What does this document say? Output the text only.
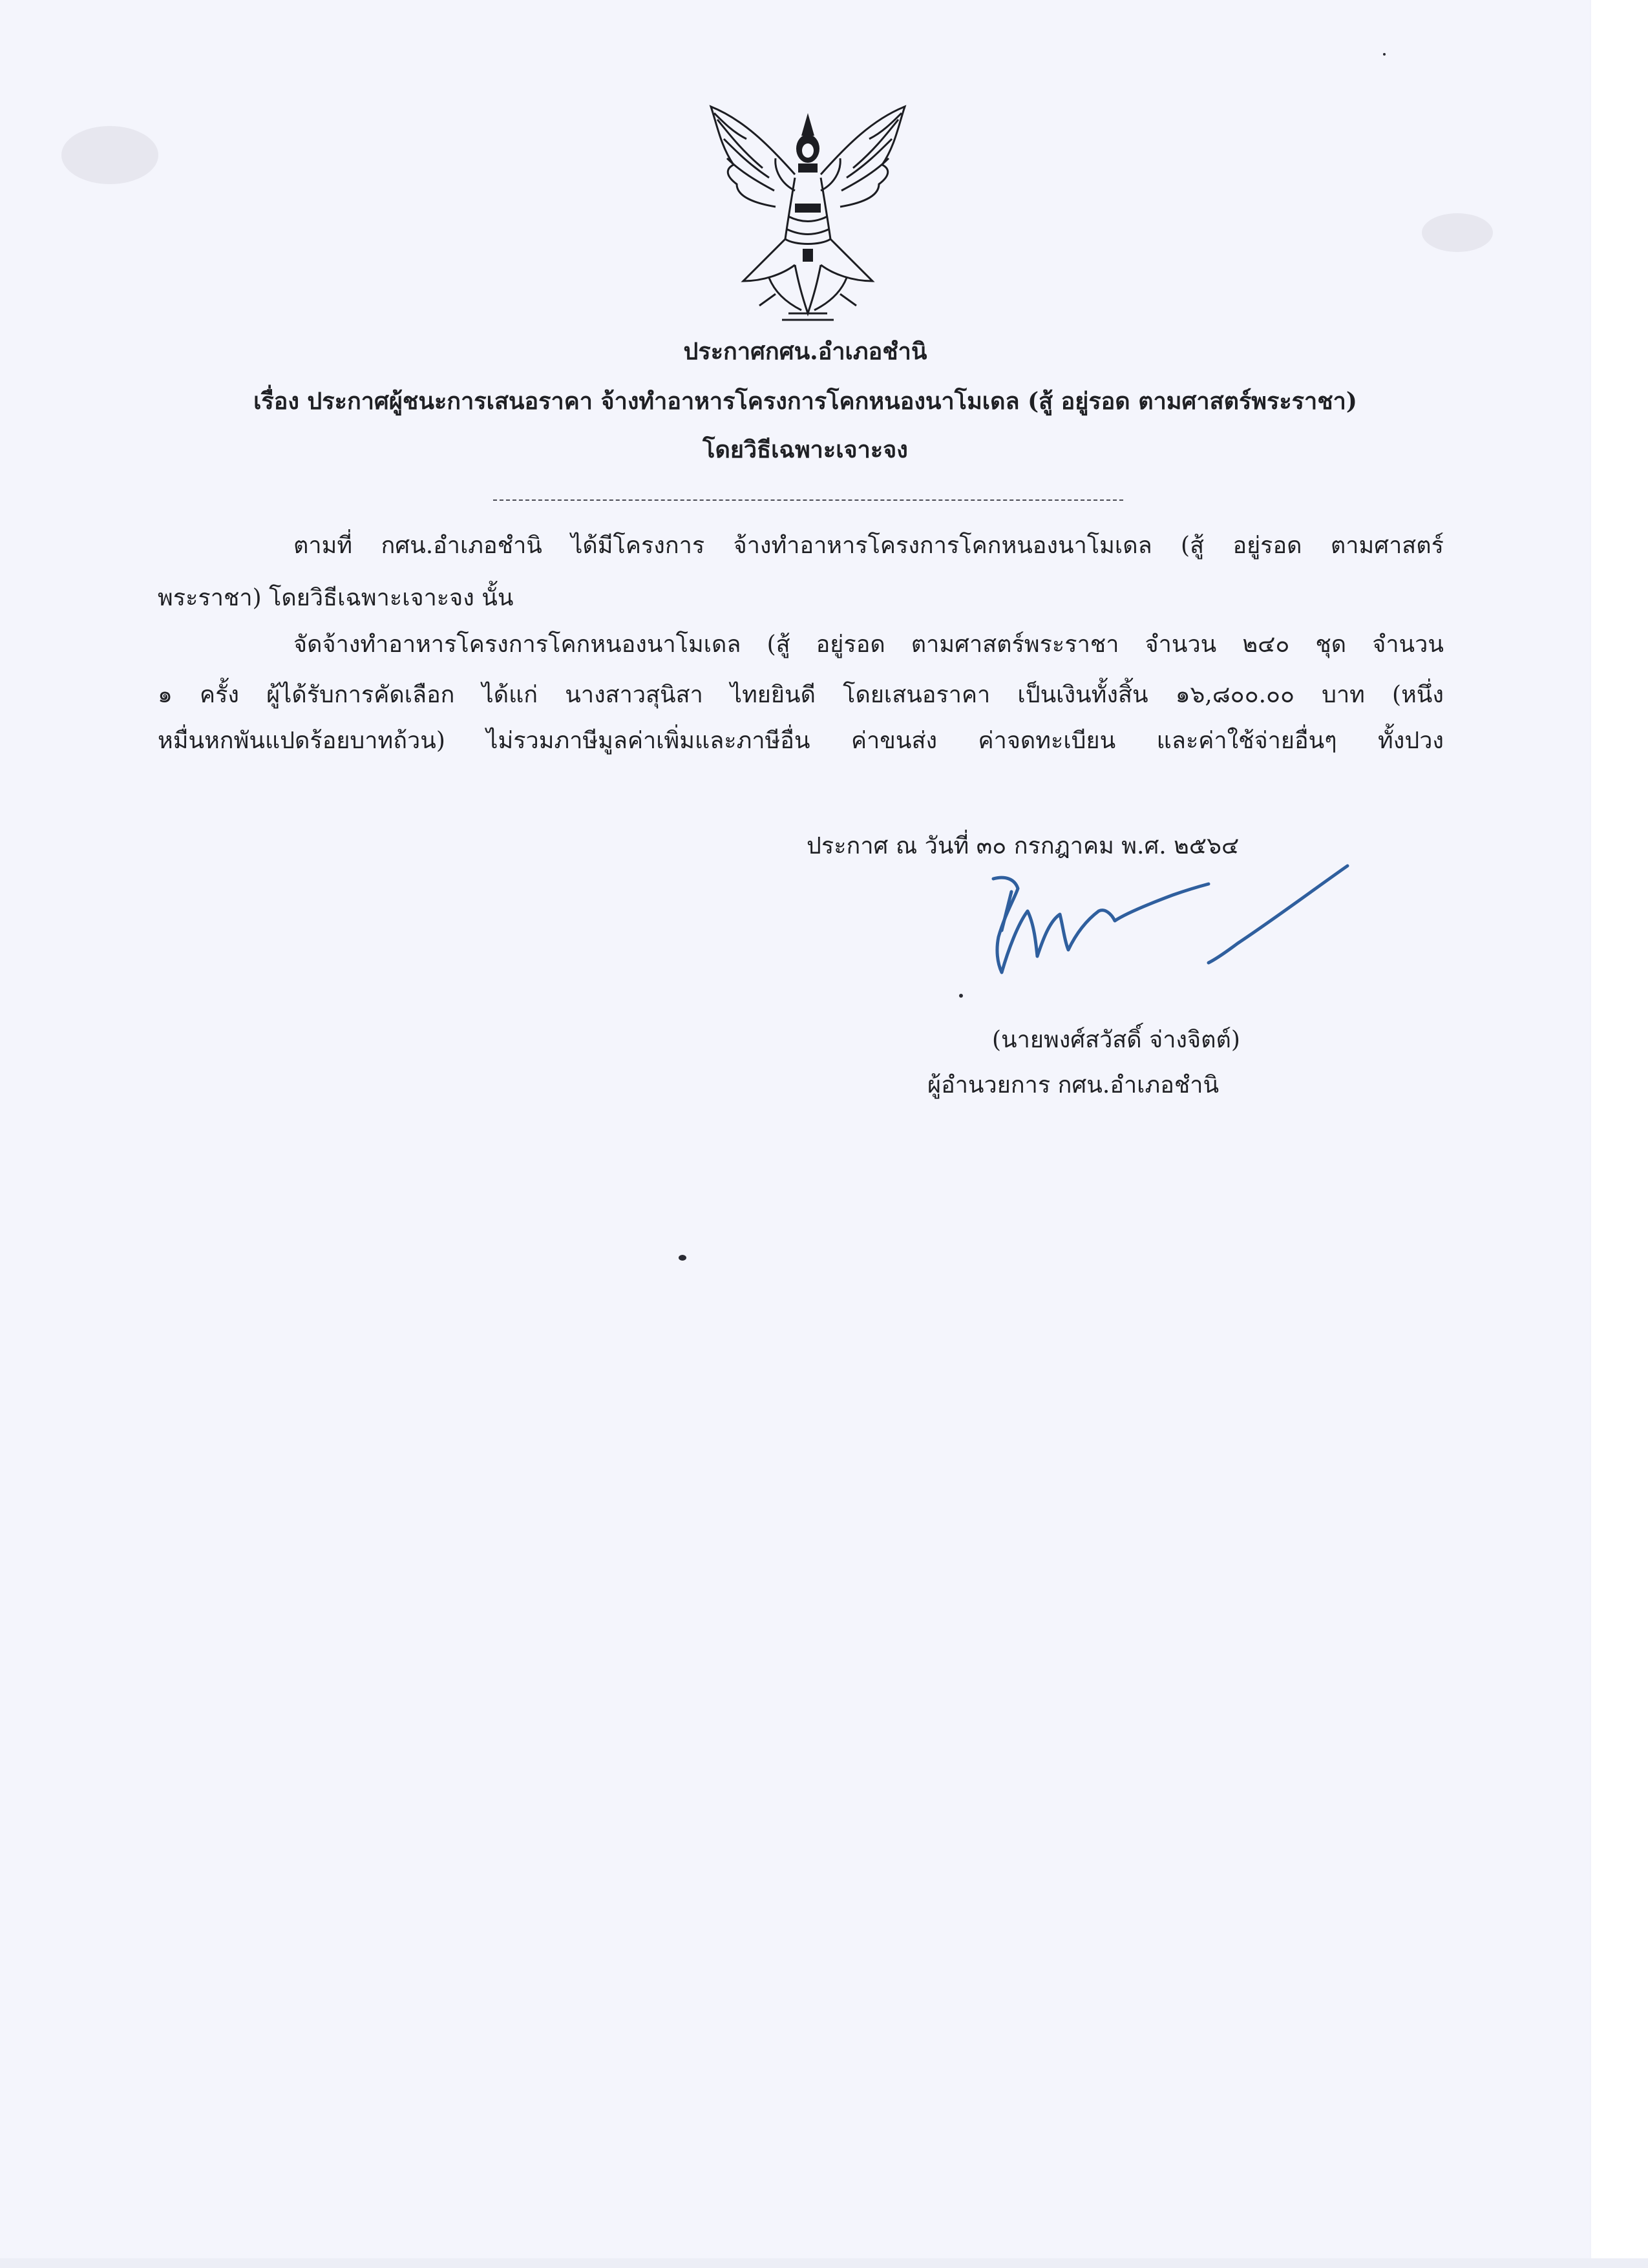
ประกาศกศน.อำเภอชำนิ
เรื่อง ประกาศผู้ชนะการเสนอราคา จ้างทำอาหารโครงการโคกหนองนาโมเดล (สู้ อยู่รอด ตามศาสตร์พระราชา)
โดยวิธีเฉพาะเจาะจง
ตามที่ กศน.อำเภอชำนิ ได้มีโครงการ จ้างทำอาหารโครงการโคกหนองนาโมเดล (สู้ อยู่รอด ตามศาสตร์
พระราชา) โดยวิธีเฉพาะเจาะจง นั้น
จัดจ้างทำอาหารโครงการโคกหนองนาโมเดล (สู้ อยู่รอด ตามศาสตร์พระราชา จำนวน ๒๔๐ ชุด จำนวน
๑ ครั้ง ผู้ได้รับการคัดเลือก ได้แก่ นางสาวสุนิสา ไทยยินดี โดยเสนอราคา เป็นเงินทั้งสิ้น ๑๖,๘๐๐.๐๐ บาท (หนึ่ง
หมื่นหกพันแปดร้อยบาทถ้วน) ไม่รวมภาษีมูลค่าเพิ่มและภาษีอื่น ค่าขนส่ง ค่าจดทะเบียน และค่าใช้จ่ายอื่นๆ ทั้งปวง
ประกาศ ณ วันที่ ๓๐ กรกฎาคม พ.ศ. ๒๕๖๔
(นายพงศ์สวัสดิ์ จ่างจิตต์)
ผู้อำนวยการ กศน.อำเภอชำนิ
